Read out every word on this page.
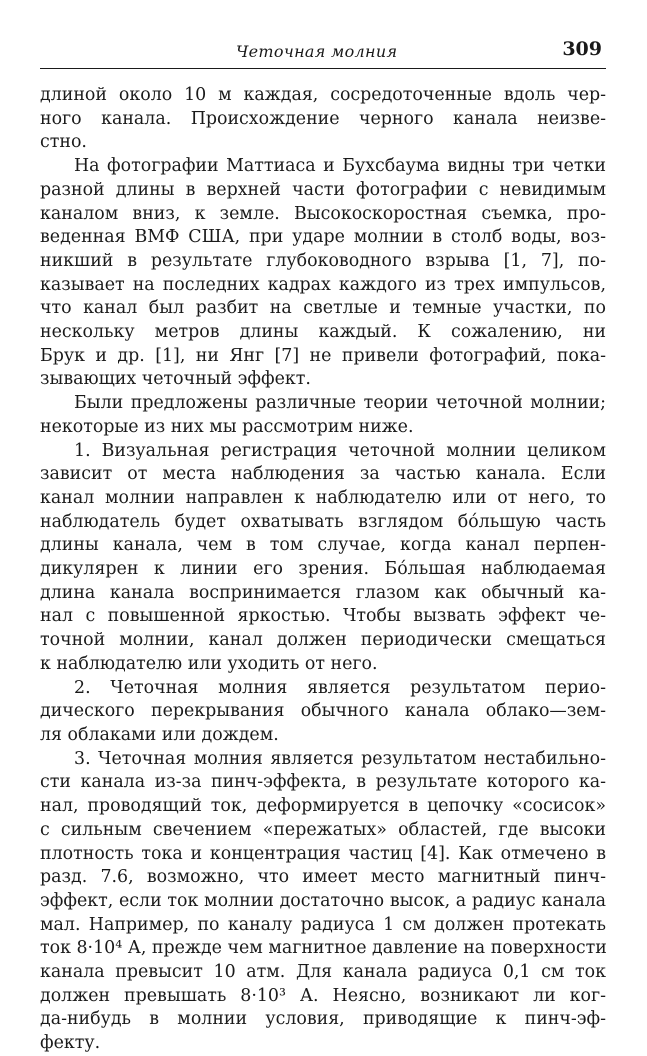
Четочная молния	309

длиной около 10 м каждая, сосредоточенные вдоль чер-
ного канала. Происхождение черного канала неизве-
стно.

На фотографии Маттиаса и Бухсбаума видны три четки
разной длины в верхней части фотографии с невидимым
каналом вниз, к земле. Высокоскоростная съемка, про-
веденная ВМФ США, при ударе молнии в столб воды, воз-
никший в результате глубоководного взрыва [1, 7], по-
казывает на последних кадрах каждого из трех импульсов,
что канал был разбит на светлые и темные участки, по
нескольку метров длины каждый. К сожалению, ни
Брук и др. [1], ни Янг [7] не привели фотографий, пока-
зывающих четочный эффект.

Были предложены различные теории четочной молнии;
некоторые из них мы рассмотрим ниже.

1. Визуальная регистрация четочной молнии целиком
зависит от места наблюдения за частью канала. Если
канал молнии направлен к наблюдателю или от него, то
наблюдатель будет охватывать взглядом бо́льшую часть
длины канала, чем в том случае, когда канал перпен-
дикулярен к линии его зрения. Бо́льшая наблюдаемая
длина канала воспринимается глазом как обычный ка-
нал с повышенной яркостью. Чтобы вызвать эффект че-
точной молнии, канал должен периодически смещаться
к наблюдателю или уходить от него.

2. Четочная молния является результатом перио-
дического перекрывания обычного канала облако—зем-
ля облаками или дождем.

3. Четочная молния является результатом нестабильно-
сти канала из-за пинч-эффекта, в результате которого ка-
нал, проводящий ток, деформируется в цепочку «сосисок»
с сильным свечением «пережатых» областей, где высоки
плотность тока и концентрация частиц [4]. Как отмечено в
разд. 7.6, возможно, что имеет место магнитный пинч-
эффект, если ток молнии достаточно высок, а радиус канала
мал. Например, по каналу радиуса 1 см должен протекать
ток 8·10⁴ А, прежде чем магнитное давление на поверхности
канала превысит 10 атм. Для канала радиуса 0,1 см ток
должен превышать 8·10³ А. Неясно, возникают ли ког-
да-нибудь в молнии условия, приводящие к пинч-эф-
фекту.
